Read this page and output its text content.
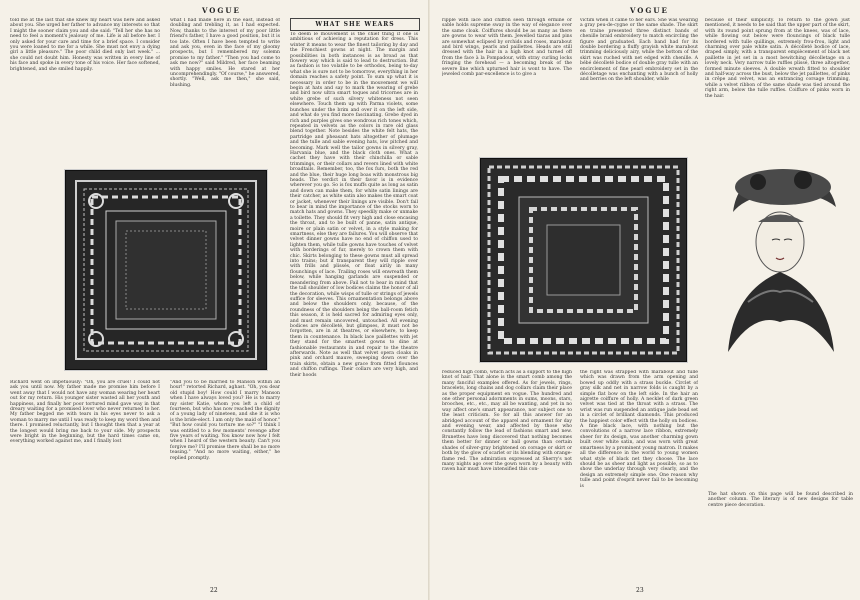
VOGUE

told me at the last that she knew my heart was here and asked about you. She urged her father to advance my interests so that I might the sooner claim you and she said: "Tell her she has no need to feel a moment's jealousy of me. Life is all before her. I only asked for your care and time for a brief space. I consider you were loaned to me for a while. She must not envy a dying girl a little pleasure." The poor child died only last week." ... she could not doubt him. Honesty was written in every line of his face and spoke in every tone of his voice. Her face softened, brightened, and she smiled happily.

what I had made here in the east, instead of doubling and trebling it, as I had expected. Now, thanks to the interest of my poor little friend's father, I have a good position, but it is too late. Often I have been tempted to write and ask you, even in the face of my gloomy prospects, but I remembered my solemn promise to my father." "Then you had come to ask me now?" said Mildred, her face beaming with happy smiles. He stared at her uncomprehendingly. "Of course," he answered, shortly. "Well, ask me then," she said, blushing.

Richard went on impetuously: "Oh, you are cruel! I could not ask you until now. My father made me promise him before I went away that I would not have any woman wearing her heart out for my return. His younger sister wasted all her youth and happiness, and finally her poor tortured mind gave way in that dreary waiting for a promised lover who never returned to her. My father begged me with tears in his eyes never to ask a woman to marry me until I was ready to keep my word then and there. I promised reluctantly, but I thought then that a year at the longest would bring me back to your side. My prospects were bright in the beginning, but the hard times came on, everything worked against me, and I finally lost

"And you to be married to Manson within an hour!" retorted Richard, aghast. "Oh, you dear old stupid boy! How could I marry Manson when I have always loved you? He is to marry my sister Katie, whom you left a child of fourteen, but who has now reached the dignity of a young lady of nineteen, and she it is who is the bride-elect. I am only the maid of honor." "But how could you torture me so?" "I think I was entitled to a few moments' revenge after five years of waiting. You know now how I felt when I heard of the western beauty. Can't you forgive me? I'll promise there shall be no more teasing." "And no more waiting, either," he replied promptly.

WHAT SHE WEARS

To deem le mouvement is the chief thing if one is ambitious of achieving a reputation for dress. This winter it means to wear the finest tailoring by day and the Frenchiest gowns at night. The margin and possibilities in both instances is as broad as that flowery way which is said to lead to destruction. But as fashion is too volatile to be orthodox, being to-day what she is sure not to be tomorrow, everything in her domain reaches a safety point. To sum up what it is necessary in order to be in the mouvement we will begin at hats and say to mark the wearing of grebe and bird now ultra smart toques and tricornes are in white grebe of such silvery whiteness not seen elsewhere. Touch them up with Parma violets, some bunches under the brim and over it on the left side, and what do you find more fascinating. Grebe dyed in rich and purples gives one wondrous rich tones which, repeated in velvets as the colors in rare old glass blend together. Note besides the white felt hats, the partridge and pheasant hats altogether of plumage and the tulle and sable evening hats, low pitched and becoming. Mark well the tailor gowns in silvery gray, Harvania blue, and the black cloth ones. What a cachet they have with their chinchilla or sable trimmings, or their collars and revers lined with white broadtails. Remember, too, the fox furs, both the red and the blue, their huge long boas with monstrous big heads. The verdict in their favor is in evidence wherever you go. So is fox muffs quite as long as satin and down can make them, for white satin linings are their catcher, as white satin also makes the smart coat or jacket, whenever their linings are visible. Don't fail to bear in mind the importance of the stocks worn to match hats and gowns. They speedily make or unmake a toilette. They should fit very high and close encasing the throat, and to be built of panne, satin antique, moire or plain satin or velvet, in a style making for smartness, else they are failures. You will observe that velvet dinner gowns have no end of chiffon used to lighten them, while tulle gowns have touches of velvet with borderings of fur, merely to crown them with chic. Skirts belonging to these gowns must all spread into trains; but if transparent they will ripple over with frills and plissés, or float airily in many flounchings of lace. Trailing roses will enwreath them below, while hanging garlands are suspended or meandering from above. Fail not to bear in mind that the tall shoulder of low bodices claims the honor of all the decoration, while wisps of tulle or strings of jewels suffice for sleeves. This ornamentation belongs above and below the shoulders only, because, of the roundness of the shoulders being the ball-room fetich this season, it is held sacred for admiring eyes only, and must remain uncovered, untouched. All evening bodices are décolleté, but glimpses, it must not be forgotten, are in at theatres, or elsewhere, to keep them in countenance. In black lace paillettes with jet they stand for the smartest gowns to dine at fashionable restaurants in and repair to the theatre afterwards. Note as well that velvet opera cloaks in pink and orchard mauve, sweeping down over the train skirts, obtain a new grace from fitted flounces and chiffon ruffings. Their collars are very high, and their hoods

22
VOGUE

ripple with lace and chiffon seen through ermine or sable holds supreme sway in the way of elegance over the same cloak. Coiffures should be as many as there are gowns to wear with them. Jewelled tiaras and pins are somewhat eclipsed by orchids and roses, marabout and bird wings, pearls and paillettes. Heads are still dressed with the hair in a high knot and turned off from the face à la Pompadour, with stray curling locks fringing the forehead — a becoming break of the severe line which upturned hair is wont to have. The jeweled comb par-excellence is to give a

victim when it came to her ears. She was wearing a gray peu-de-cygne or the same shade. The skirt en traine presented three distinct bands of chenille braid embroidery to match encircling the figure and graduated. Each band had for its double bordering a fluffy grayish white marabout trimming deliciously airy, while the bottom of the skirt was ruched with net edged with chenille. A bébé décolleté bodice of double gray tulle with an encirclement of fine pearl embroidery set in the décolletage was enchanting with a bunch of holly and berries on the left shoulder, while

because of their simplicity. To return to the gown just mentioned, it needs to be said that the upper part of the skirt, with its round point sprung from at the knees, was of lace, while flowing out below were flouncings of black tulle bordered with tulle quillings, extremely frou-frou, light and charming over pale white satin. A décolleté bodice of lace, draped simply, with a transparent empiècement of black net paillette in jet set in a most bewitching décolletage on a lovely neck. Very narrow tulle ruffles plissé, three altogether, formed minute sleeves. A double wreath fitted to shoulder and half-way across the bust, below the jet paillettes, of pinks in crêpe and velvet, was an entrancing corsage trimming, while a velvet ribbon of the same shade was tied around the right arm, below the tulle ruffles. Coiffure of pinks worn in the hair.

reduced high comb, which acts as a support to the high knot of hair. That alone is the smart comb among the many fanciful examples offered. As for jewels, rings, bracelets, long chains and dog collars claim their place as the proper equipment en vogue. The hundred and one other personal adornments in sums, moons, stars, brooches, etc., etc., may all be wanting, and yet in no way affect one's smart appearance, nor subject one to the least criticism. So for all this answer for an abridged account of the apparel and ornament for day and evening wear, and affected by those who constantly follow the lead of fashions smart and new. Brunettes have long discovered that nothing becomes them better for dinner or ball gowns than certain shades of silver-gray brightened on corsage or skirt or both by the glow of scarlet or its blending with orange-flame red. The admiration expressed at Sherry's not many nights ago over the gown worn by a beauty with raven hair must have intensified this con-

the right was strapped with marabout and tulle which was drawn from the arm opening and bowed up oddly with a strass buckle. Circlet of gray silk and net in narrow folds is caught by a simple flat bow on the left side. In the hair an aigrette coiffure of holly. A necklet of dark green velvet was tied at the throat with a strass. The wrist was run suspended an antique jade bead set in a circlet of brilliant diamonds. This produced the happiest color effect with the holly on bodices. A fine black lace, with nothing but the convolutions of a narrow lace ribbon, extremely sheer for its design, was another charming gown built over white satin, and was worn with great smartness by a prominent young matron. It makes all the difference in the world to young women what style of black net they choose. The lace should be as sheer and light as possible, so as to show the underlay through very clearly, and the design an extremely simple one. One reason why tulle and point d'esprit never fail to be becoming is

The hat shown on this page will be found described in another column. The literary is of new designs for table centre piece decoration.
23
